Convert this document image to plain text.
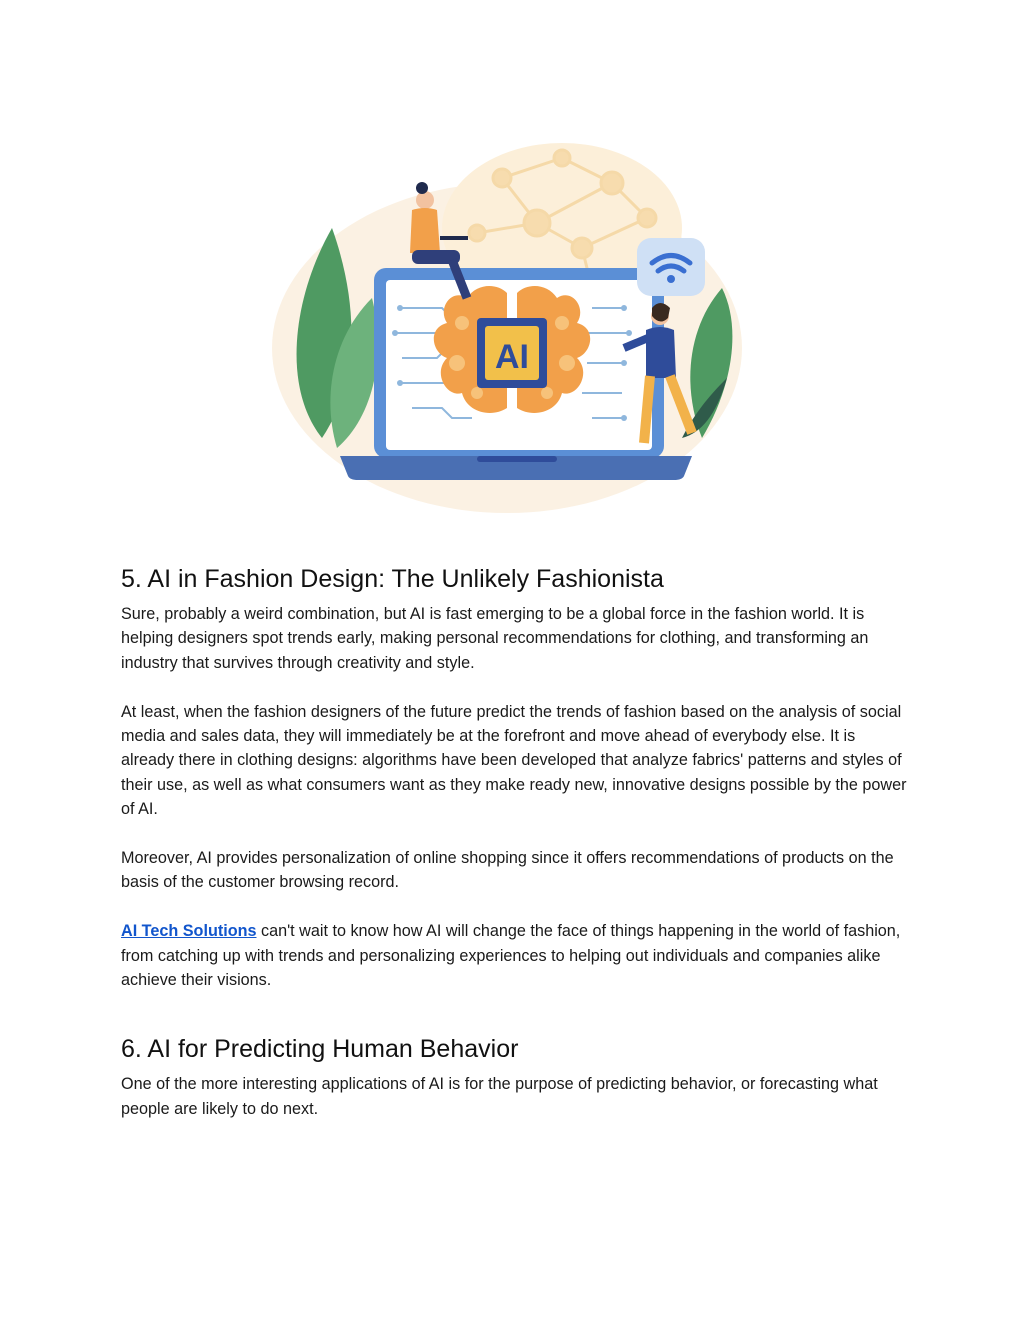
AI
5. AI in Fashion Design: The Unlikely Fashionista

Sure, probably a weird combination, but AI is fast emerging to be a global force in the fashion world. It is helping designers spot trends early, making personal recommendations for clothing, and transforming an industry that survives through creativity and style.

At least, when the fashion designers of the future predict the trends of fashion based on the analysis of social media and sales data, they will immediately be at the forefront and move ahead of everybody else. It is already there in clothing designs: algorithms have been developed that analyze fabrics' patterns and styles of their use, as well as what consumers want as they make ready new, innovative designs possible by the power of AI.

Moreover, AI provides personalization of online shopping since it offers recommendations of products on the basis of the customer browsing record.

AI Tech Solutions can't wait to know how AI will change the face of things happening in the world of fashion, from catching up with trends and personalizing experiences to helping out individuals and companies alike achieve their visions.

6. AI for Predicting Human Behavior

One of the more interesting applications of AI is for the purpose of predicting behavior, or forecasting what people are likely to do next.
